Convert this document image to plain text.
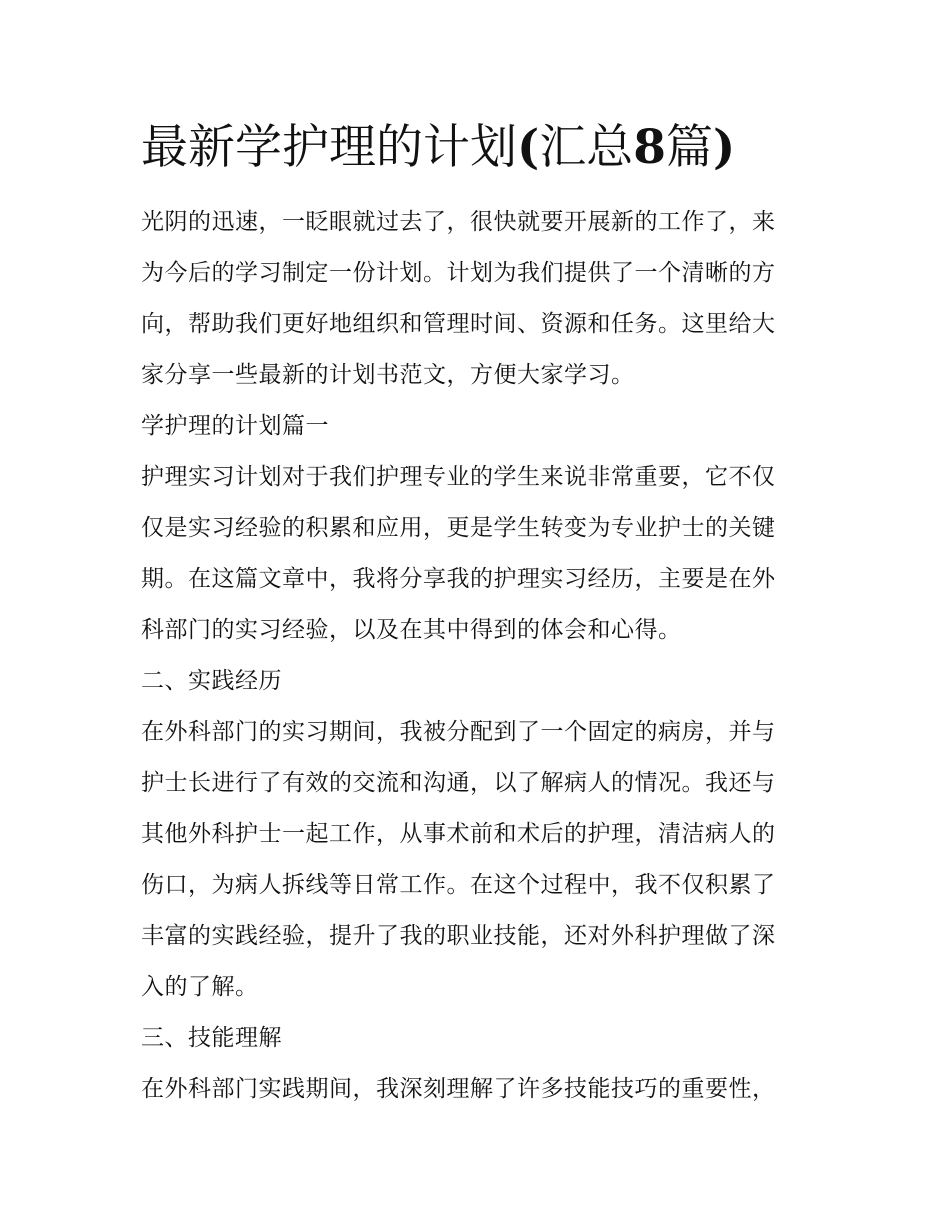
最新学护理的计划(汇总8篇)
光阴的迅速，一眨眼就过去了，很快就要开展新的工作了，来
为今后的学习制定一份计划。计划为我们提供了一个清晰的方
向，帮助我们更好地组织和管理时间、资源和任务。这里给大
家分享一些最新的计划书范文，方便大家学习。
学护理的计划篇一
护理实习计划对于我们护理专业的学生来说非常重要，它不仅
仅是实习经验的积累和应用，更是学生转变为专业护士的关键
期。在这篇文章中，我将分享我的护理实习经历，主要是在外
科部门的实习经验，以及在其中得到的体会和心得。
二、实践经历
在外科部门的实习期间，我被分配到了一个固定的病房，并与
护士长进行了有效的交流和沟通，以了解病人的情况。我还与
其他外科护士一起工作，从事术前和术后的护理，清洁病人的
伤口，为病人拆线等日常工作。在这个过程中，我不仅积累了
丰富的实践经验，提升了我的职业技能，还对外科护理做了深
入的了解。
三、技能理解
在外科部门实践期间，我深刻理解了许多技能技巧的重要性，
